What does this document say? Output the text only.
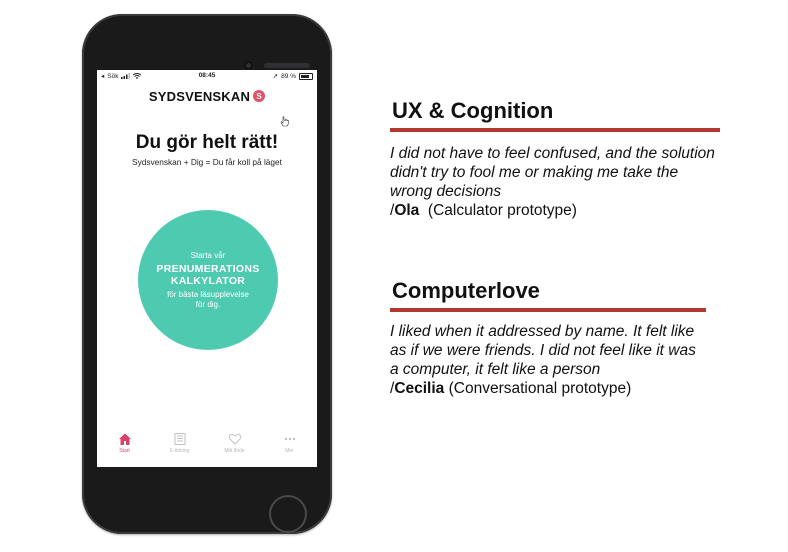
◂ Sök	08:45	➚ 89 %
SYDSVENSKAN S
Du gör helt rätt!
Sydsvenskan + Dig = Du får koll på läget
Starta vår
PRENUMERATIONS
KALKYLATOR
för bästa läsupplevelse
för dig.
Start	E-tidning	Mitt flöde	Mer
UX & Cognition
I did not have to feel confused, and the solution didn't try to fool me or making me take the wrong decisions
/Ola (Calculator prototype)
Computerlove
I liked when it addressed by name. It felt like as if we were friends. I did not feel like it was a computer, it felt like a person
/Cecilia (Conversational prototype)
